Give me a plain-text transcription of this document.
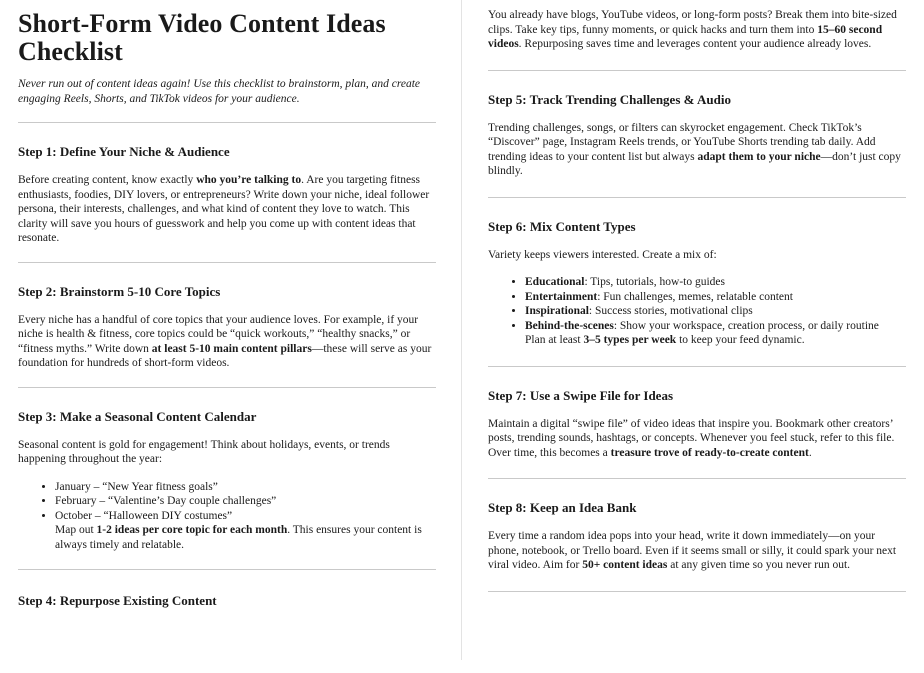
Short-Form Video Content Ideas Checklist

Never run out of content ideas again! Use this checklist to brainstorm, plan, and create engaging Reels, Shorts, and TikTok videos for your audience.

Step 1: Define Your Niche & Audience

Before creating content, know exactly who you’re talking to. Are you targeting fitness enthusiasts, foodies, DIY lovers, or entrepreneurs? Write down your niche, ideal follower persona, their interests, challenges, and what kind of content they love to watch. This clarity will save you hours of guesswork and help you come up with content ideas that resonate.

Step 2: Brainstorm 5-10 Core Topics

Every niche has a handful of core topics that your audience loves. For example, if your niche is health & fitness, core topics could be “quick workouts,” “healthy snacks,” or “fitness myths.” Write down at least 5-10 main content pillars—these will serve as your foundation for hundreds of short-form videos.

Step 3: Make a Seasonal Content Calendar

Seasonal content is gold for engagement! Think about holidays, events, or trends happening throughout the year:

• January – “New Year fitness goals”
• February – “Valentine’s Day couple challenges”
• October – “Halloween DIY costumes”
Map out 1-2 ideas per core topic for each month. This ensures your content is always timely and relatable.
Step 4: Repurpose Existing Content

You already have blogs, YouTube videos, or long-form posts? Break them into bite-sized clips. Take key tips, funny moments, or quick hacks and turn them into 15–60 second videos. Repurposing saves time and leverages content your audience already loves.

Step 5: Track Trending Challenges & Audio

Trending challenges, songs, or filters can skyrocket engagement. Check TikTok’s “Discover” page, Instagram Reels trends, or YouTube Shorts trending tab daily. Add trending ideas to your content list but always adapt them to your niche—don’t just copy blindly.

Step 6: Mix Content Types

Variety keeps viewers interested. Create a mix of:

• Educational: Tips, tutorials, how-to guides
• Entertainment: Fun challenges, memes, relatable content
• Inspirational: Success stories, motivational clips
• Behind-the-scenes: Show your workspace, creation process, or daily routine
Plan at least 3–5 types per week to keep your feed dynamic.
Step 7: Use a Swipe File for Ideas

Maintain a digital “swipe file” of video ideas that inspire you. Bookmark other creators’ posts, trending sounds, hashtags, or concepts. Whenever you feel stuck, refer to this file. Over time, this becomes a treasure trove of ready-to-create content.

Step 8: Keep an Idea Bank

Every time a random idea pops into your head, write it down immediately—on your phone, notebook, or Trello board. Even if it seems small or silly, it could spark your next viral video. Aim for 50+ content ideas at any given time so you never run out.
